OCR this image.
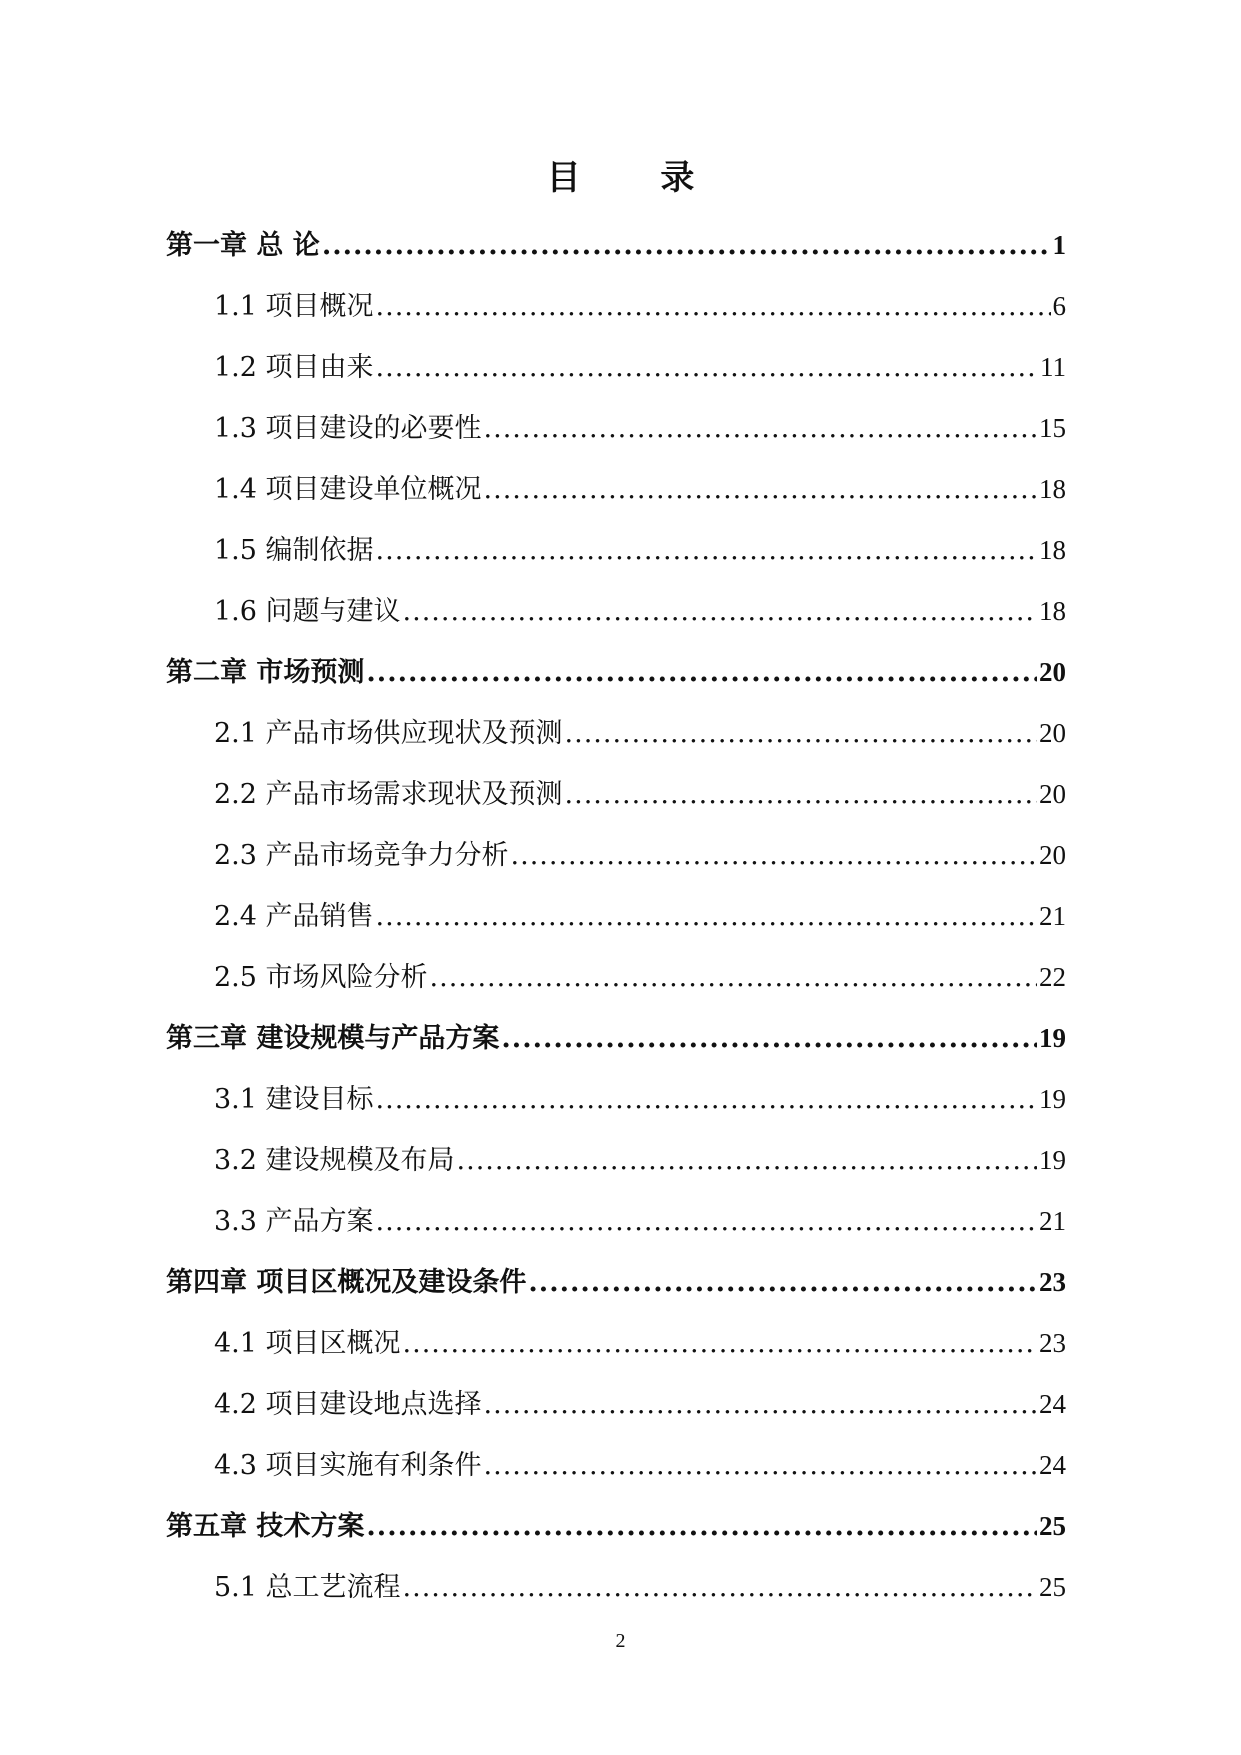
目 录
第一章 总 论 .....	1
1.1 项目概况 .....	6
1.2 项目由来 .....	11
1.3 项目建设的必要性 .....	15
1.4 项目建设单位概况 .....	18
1.5 编制依据 .....	18
1.6 问题与建议 .....	18
第二章 市场预测 .....	20
2.1 产品市场供应现状及预测 .....	20
2.2 产品市场需求现状及预测 .....	20
2.3 产品市场竞争力分析 .....	20
2.4 产品销售 .....	21
2.5 市场风险分析 .....	22
第三章 建设规模与产品方案 .....	19
3.1 建设目标 .....	19
3.2 建设规模及布局 .....	19
3.3 产品方案 .....	21
第四章 项目区概况及建设条件 .....	23
4.1 项目区概况 .....	23
4.2 项目建设地点选择 .....	24
4.3 项目实施有利条件 .....	24
第五章 技术方案 .....	25
5.1 总工艺流程 .....	25
2
